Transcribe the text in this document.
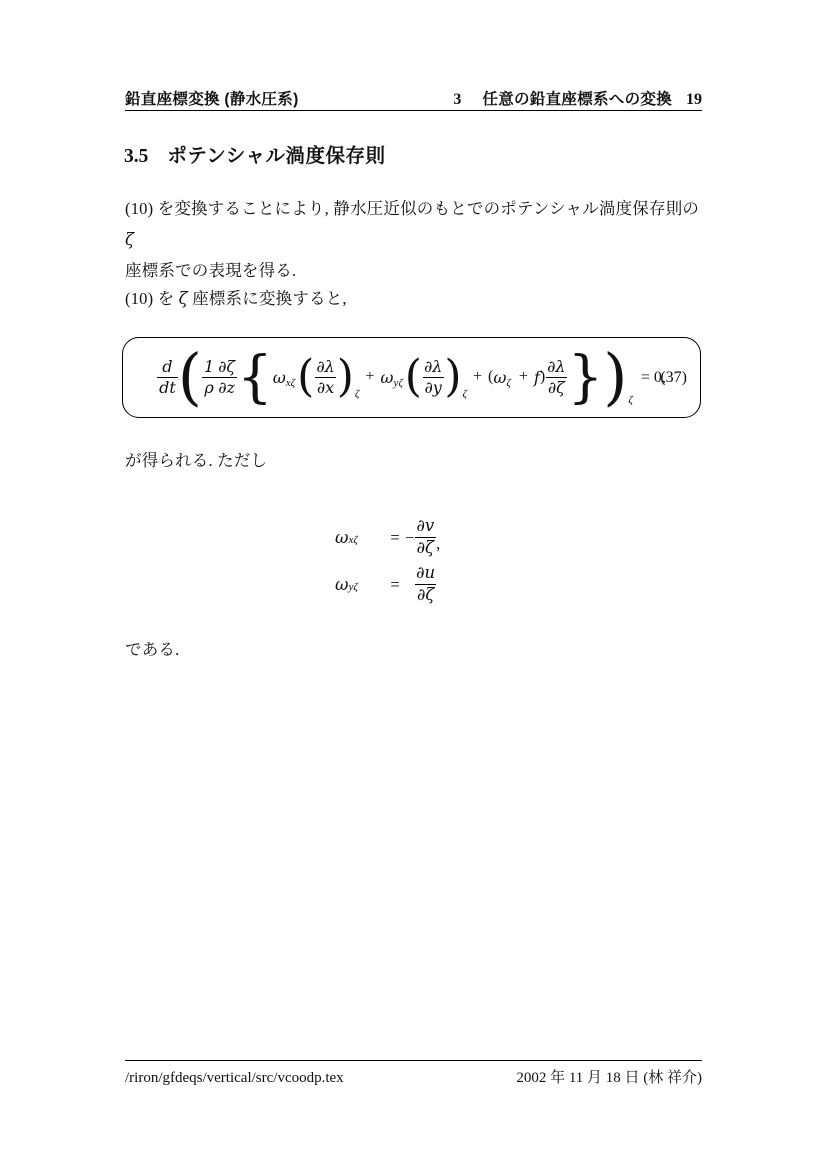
鉛直座標変換 (静水圧系)	3 任意の鉛直座標系への変換 19
3.5 ポテンシャル渦度保存則
(10) を変換することにより, 静水圧近似のもとでのポテンシャル渦度保存則の ζ
座標系での表現を得る.
(10) を ζ 座標系に変換すると,
$\frac{d}{dt}$ ( $\frac{1}{\rho} \frac{\partial\zeta}{\partial z}$ { ω xζ ( $\frac{\partial\lambda}{\partial x}$ ) ζ
+ ω yζ ( $\frac{\partial\lambda}{\partial y}$ ) ζ
+ ( ω ζ + f ) $\frac{\partial\lambda}{\partial\zeta}$ } ) ζ
= 0,
(37)
が得られる. ただし
ω xζ = − $\frac{\partial v}{\partial\zeta}$ ,
ω $y\zeta = \frac{\partial u}{\partial\zeta}$
である.
/riron/gfdeqs/vertical/src/vcoodp.tex	2002 年 11 月 18 日 (林 祥介)
